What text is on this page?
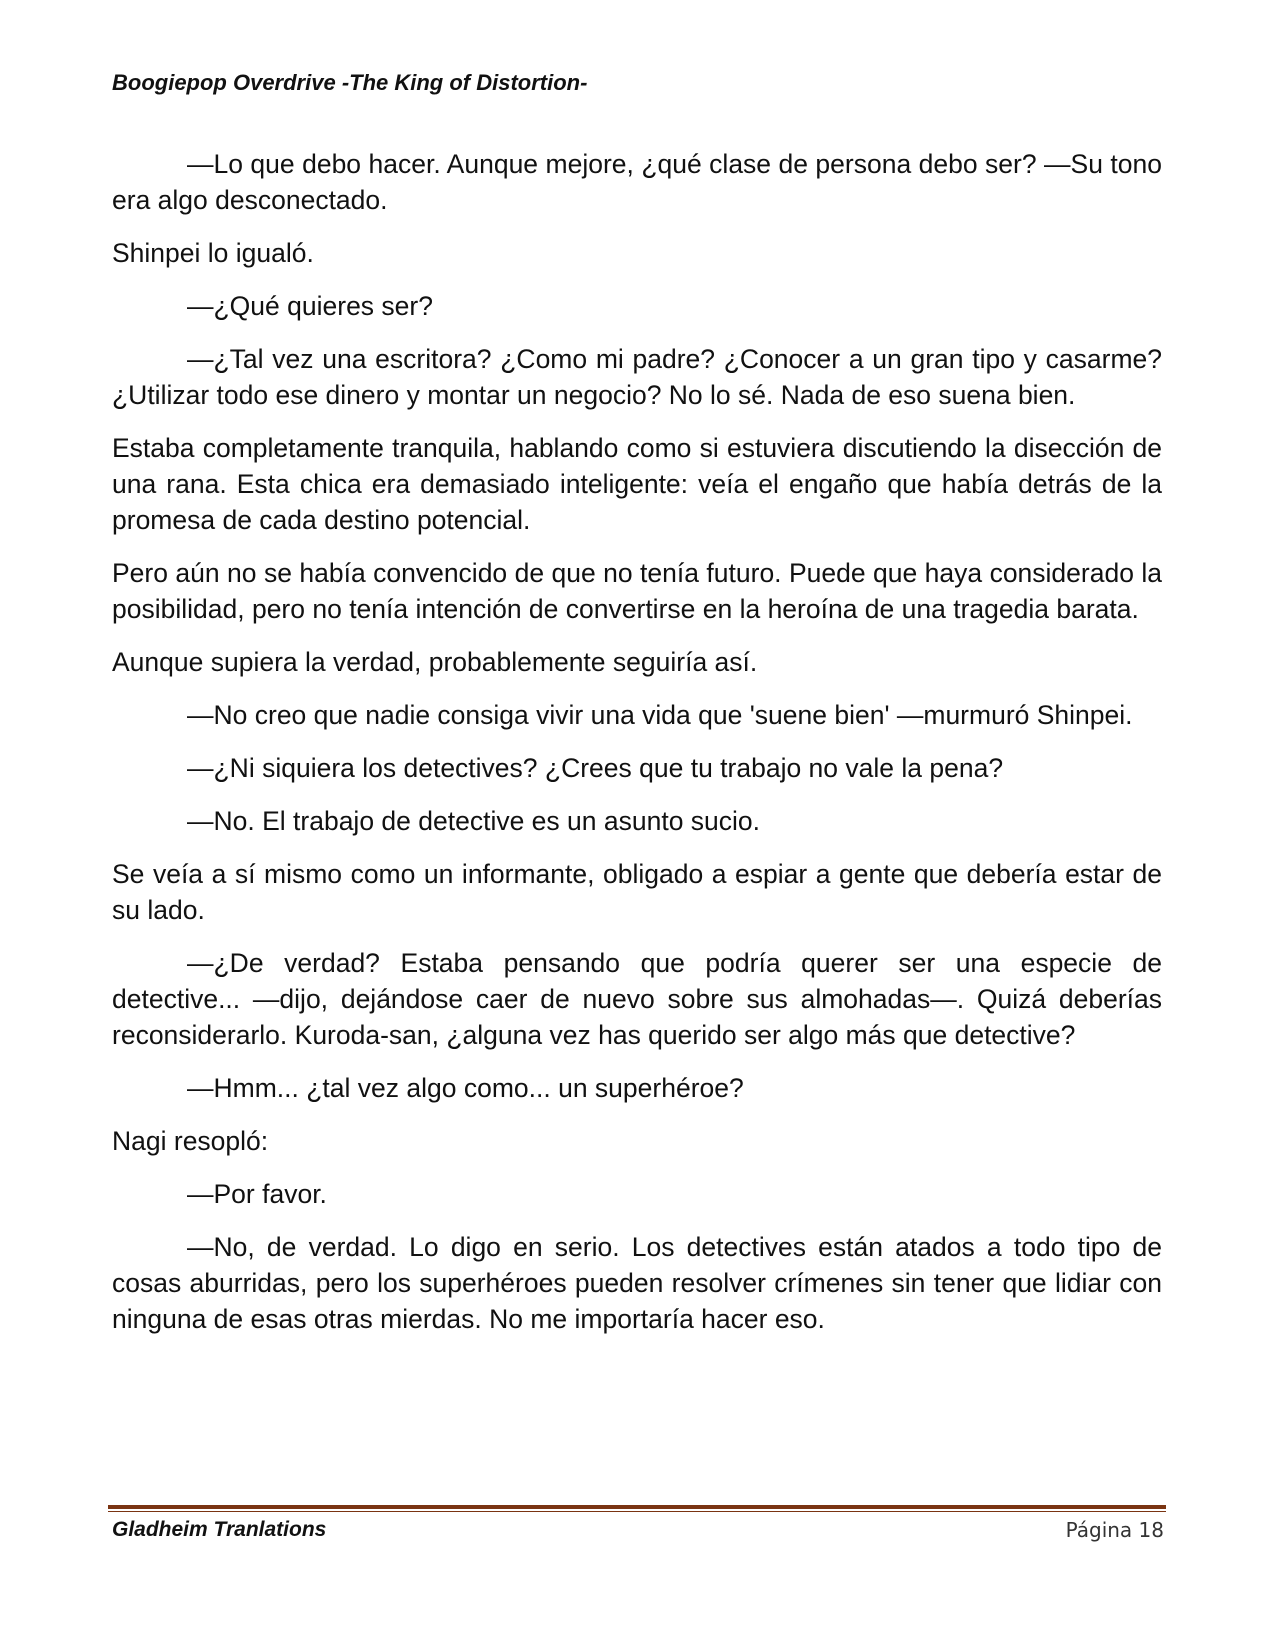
Boogiepop Overdrive -The King of Distortion-

—Lo que debo hacer. Aunque mejore, ¿qué clase de persona debo ser? —Su tono era algo desconectado.

Shinpei lo igualó.

—¿Qué quieres ser?

—¿Tal vez una escritora? ¿Como mi padre? ¿Conocer a un gran tipo y casarme? ¿Utilizar todo ese dinero y montar un negocio? No lo sé. Nada de eso suena bien.

Estaba completamente tranquila, hablando como si estuviera discutiendo la disección de una rana. Esta chica era demasiado inteligente: veía el engaño que había detrás de la promesa de cada destino potencial.

Pero aún no se había convencido de que no tenía futuro. Puede que haya considerado la posibilidad, pero no tenía intención de convertirse en la heroína de una tragedia barata.

Aunque supiera la verdad, probablemente seguiría así.

—No creo que nadie consiga vivir una vida que 'suene bien' —murmuró Shinpei.

—¿Ni siquiera los detectives? ¿Crees que tu trabajo no vale la pena?

—No. El trabajo de detective es un asunto sucio.

Se veía a sí mismo como un informante, obligado a espiar a gente que debería estar de su lado.

—¿De verdad? Estaba pensando que podría querer ser una especie de detective... —dijo, dejándose caer de nuevo sobre sus almohadas—. Quizá deberías reconsiderarlo. Kuroda-san, ¿alguna vez has querido ser algo más que detective?

—Hmm... ¿tal vez algo como... un superhéroe?

Nagi resopló:

—Por favor.

—No, de verdad. Lo digo en serio. Los detectives están atados a todo tipo de cosas aburridas, pero los superhéroes pueden resolver crímenes sin tener que lidiar con ninguna de esas otras mierdas. No me importaría hacer eso.

Gladheim Tranlations	Página 18
